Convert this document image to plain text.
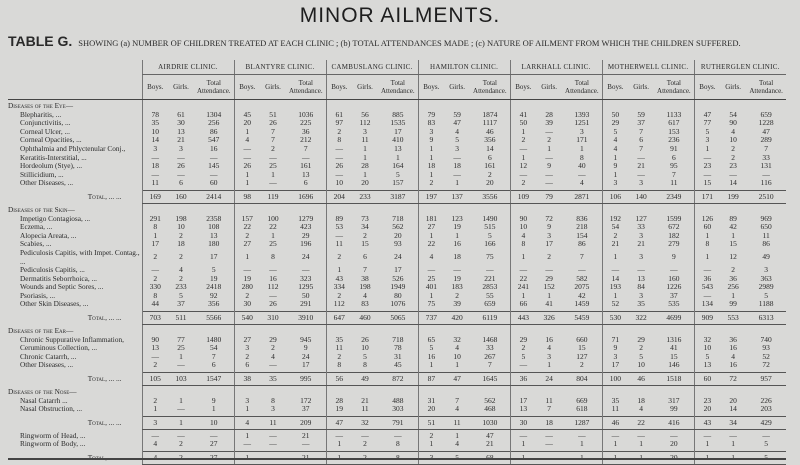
MINOR AILMENTS.
TABLE G. SHOWING (a) NUMBER OF CHILDREN TREATED AT EACH CLINIC ; (b) TOTAL ATTENDANCES MADE ; (c) NATURE OF AILMENT FROM WHICH THE CHILDREN SUFFERED.
	AIRDRIE CLINIC.			BLANTYRE CLINIC.			CAMBUSLANG CLINIC.			HAMILTON CLINIC.			LARKHALL CLINIC.			MOTHERWELL CLINIC.			RUTHERGLEN CLINIC.		
	Boys.	Girls.	Total Attendance.	Boys.	Girls.	Total Attendance.	Boys.	Girls.	Total Attendance.	Boys.	Girls.	Total Attendance.	Boys.	Girls.	Total Attendance.	Boys.	Girls.	Total Attendance.	Boys.	Girls.	Total Attendance.

Diseases of the Eye—																					
Blepharitis, ...	78	61	1304	45	51	1036	61	56	885	79	59	1874	41	28	1393	50	59	1133	47	54	659
Conjunctivitis, ...	35	30	256	20	26	225	97	112	1535	83	47	1117	50	39	1251	29	37	617	77	90	1228
Corneal Ulcer, ...	10	13	86	1	7	36	2	3	17	3	4	46	1	—	3	5	7	153	5	4	47
Corneal Opacities, ...	14	21	547	4	7	212	8	11	410	9	5	356	2	2	171	4	6	236	3	10	289
Ophthalmia and Phlyctenular Conj.,	3	3	16	—	2	7	—	1	13	1	3	14	—	1	1	4	7	91	1	2	7
Keratitis-Interstitial, ...	—	—	—	—	—	—	—	1	1	1	—	6	1	—	8	1	—	6	—	2	33
Hordeolum (Stye), ...	18	26	145	26	25	161	26	28	164	18	18	161	12	9	40	9	21	95	23	23	131
Stillicidium, ...	—	—	—	1	1	13	—	1	5	1	—	2	—	—	—	1	—	7	—	—	—
Other Diseases, ...	11	6	60	1	—	6	10	20	157	2	1	20	2	—	4	3	3	11	15	14	116

Total, ... ...	169	160	2414	98	119	1696	204	233	3187	197	137	3556	109	79	2871	106	140	2349	171	199	2510

Diseases of the Skin—																					
Impetigo Contagiosa, ...	291	198	2358	157	100	1279	89	73	718	181	123	1490	90	72	836	192	127	1599	126	89	969
Eczema, ...	8	10	108	22	22	423	53	34	562	27	19	515	10	9	218	54	33	672	60	42	650
Alopecia Areata, ...	1	2	13	2	1	29	—	2	20	1	1	5	4	3	154	2	3	182	1	1	11
Scabies, ...	17	18	180	27	25	196	11	15	93	22	16	166	8	17	86	21	21	279	8	15	86
Pediculosis Capitis, with Impet. Contag., ...	2	2	17	1	8	24	2	6	24	4	18	75	1	2	7	1	3	9	1	12	49
Pediculosis Capitis, ...	—	4	5	—	—	—	1	7	17	—	—	—	—	—	—	—	—	—	—	2	3
Dermatitis Seborrhoica, ...	2	2	19	19	16	323	43	38	526	25	19	221	22	29	582	14	13	160	36	36	363
Wounds and Septic Sores, ...	330	233	2418	280	112	1295	334	198	1949	401	183	2853	241	152	2075	193	84	1226	543	256	2989
Psoriasis, ...	8	5	92	2	—	50	2	4	80	1	2	55	1	1	42	1	3	37	—	1	5
Other Skin Diseases, ...	44	37	356	30	26	291	112	83	1076	75	39	659	66	41	1459	52	35	535	134	99	1188

Total, ... ...	703	511	5566	540	310	3910	647	460	5065	737	420	6119	443	326	5459	530	322	4699	909	553	6313

Diseases of the Ear—																					
Chronic Suppurative Inflammation,	90	77	1480	27	29	945	35	26	718	65	32	1468	29	16	660	71	29	1316	32	36	740
Ceruminous Collection, ...	13	25	54	3	2	9	11	10	78	5	4	33	2	4	15	9	2	41	10	16	93
Chronic Catarrh, ...	—	1	7	2	4	24	2	5	31	16	10	267	5	3	127	3	5	15	5	4	52
Other Diseases, ...	2	—	6	6	—	17	8	8	45	1	1	7	—	1	2	17	10	146	13	16	72

Total, ... ...	105	103	1547	38	35	995	56	49	872	87	47	1645	36	24	804	100	46	1518	60	72	957

Diseases of the Nose—																					
Nasal Catarrh ...	2	1	9	3	8	172	28	21	488	31	7	562	17	11	669	35	18	317	23	20	226
Nasal Obstruction, ...	1	—	1	1	3	37	19	11	303	20	4	468	13	7	618	11	4	99	20	14	203

Total, ... ...	3	1	10	4	11	209	47	32	791	51	11	1030	30	18	1287	46	22	416	43	34	429

Ringworm of Head, ...	—	—	—	1	—	21	—	—	—	2	1	47	—	—	—	—	—	—	—	—	—
Ringworm of Body, ...	4	2	27	—	—	—	1	2	8	1	4	21	1	—	1	1	1	20	1	1	5

Total, ... ...	4	2	27	1	—	21	1	2	8	3	5	68	1	—	1	1	1	20	1	1	5
